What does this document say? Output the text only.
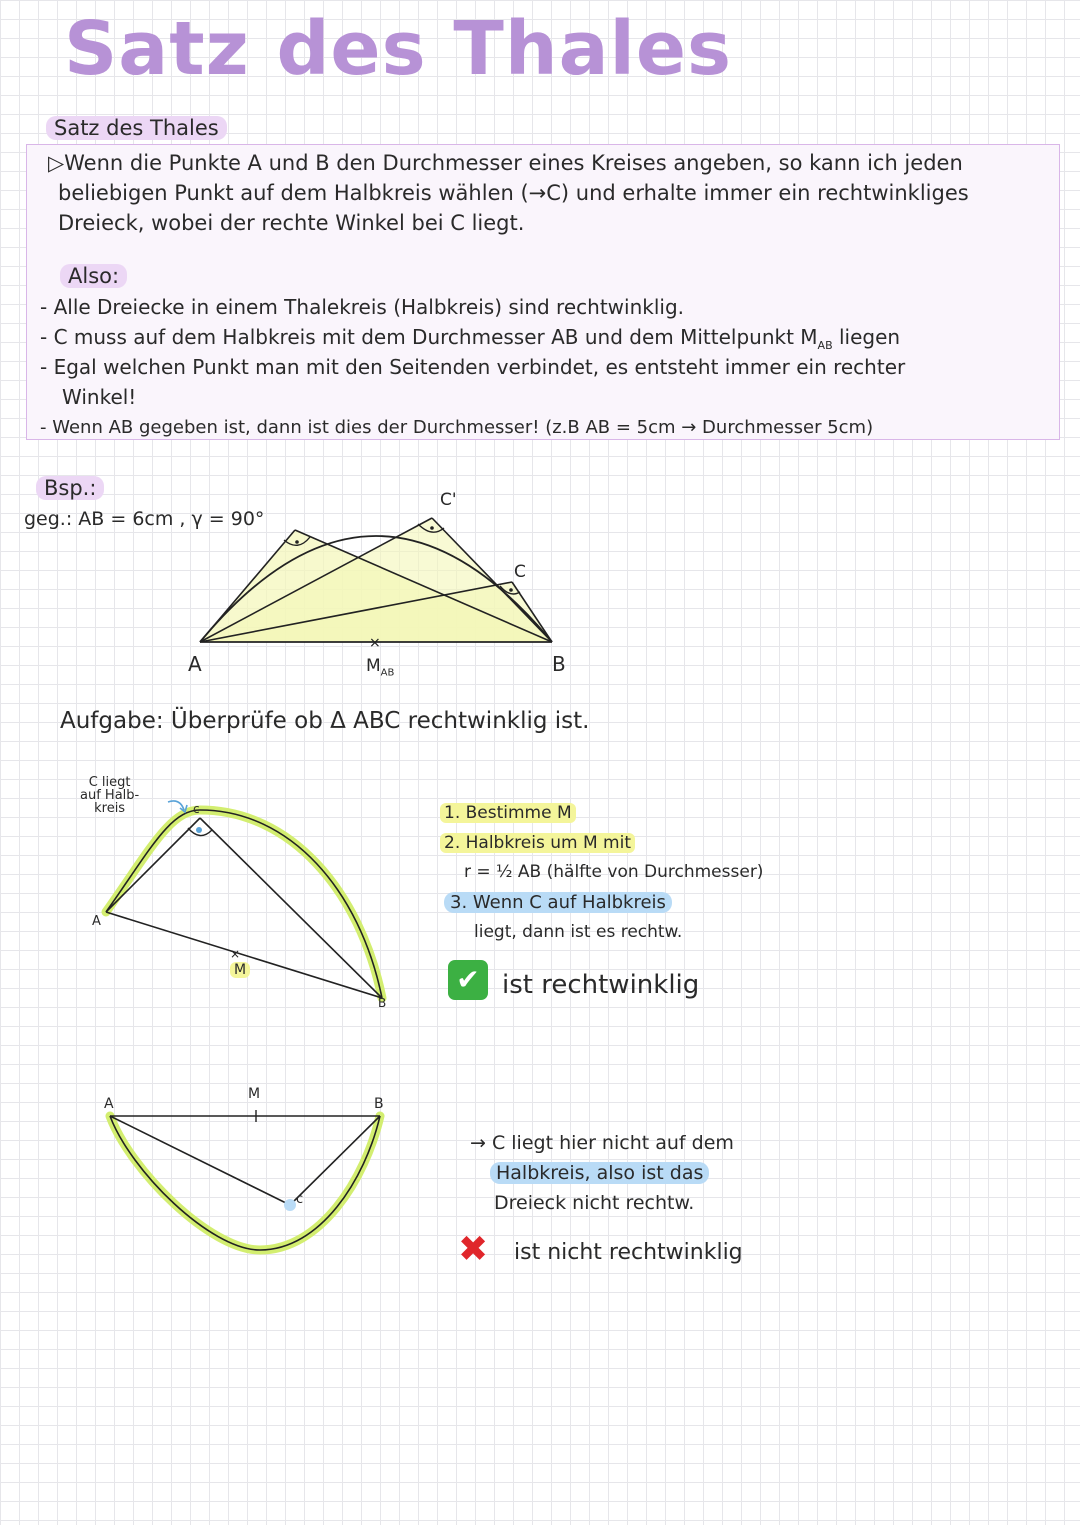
Satz des Thales
Satz des Thales
▷Wenn die Punkte A und B den Durchmesser eines Kreises angeben, so kann ich jeden
beliebigen Punkt auf dem Halbkreis wählen (→C) und erhalte immer ein rechtwinkliges
Dreieck, wobei der rechte Winkel bei C liegt.
Also:
- Alle Dreiecke in einem Thalekreis (Halbkreis) sind rechtwinklig.
- C muss auf dem Halbkreis mit dem Durchmesser AB und dem Mittelpunkt $M_{AB}$ liegen
- Egal welchen Punkt man mit den Seitenden verbindet, es entsteht immer ein rechter
Winkel!
- Wenn AB gegeben ist, dann ist dies der Durchmesser! (z.B AB = 5cm → Durchmesser 5cm)
Bsp.:
geg.: AB = 6cm , γ = 90°
×
A	B
C
C'
$M_{AB}$
Aufgabe: Überprüfe ob Δ ABC rechtwinklig ist.
C liegt
auf Halb-
kreis
×
A
B
c
M
1. Bestimme M
2. Halbkreis um M mit
r = ½ AB (hälfte von Durchmesser)
3. Wenn C auf Halbkreis
liegt, dann ist es rechtw.
✔ ist rechtwinklig
A	B
c
M
→ C liegt hier nicht auf dem
Halbkreis, also ist das
Dreieck nicht rechtw.
✖ ist nicht rechtwinklig
